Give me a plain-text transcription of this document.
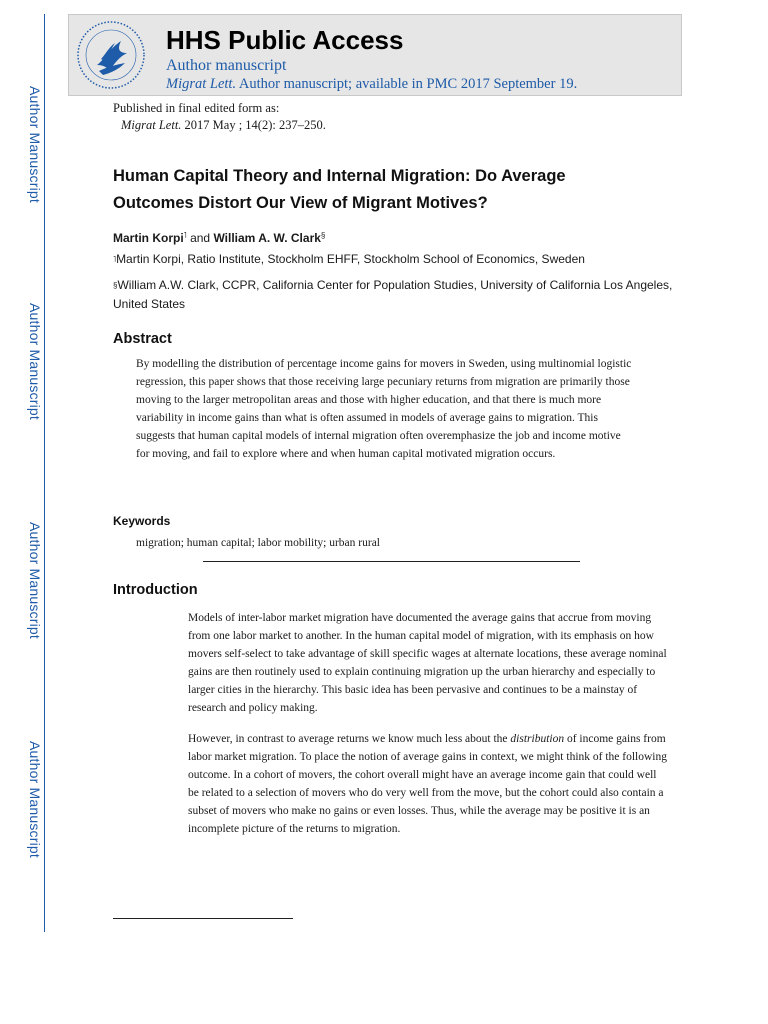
Author Manuscript
Author Manuscript
Author Manuscript
Author Manuscript
HHS Public Access
Author manuscript
Migrat Lett. Author manuscript; available in PMC 2017 September 19.
Published in final edited form as:
Migrat Lett. 2017 May ; 14(2): 237–250.
Human Capital Theory and Internal Migration: Do Average Outcomes Distort Our View of Migrant Motives?
Martin Korpi˥ and William A. W. Clark§
˥Martin Korpi, Ratio Institute, Stockholm EHFF, Stockholm School of Economics, Sweden
§William A.W. Clark, CCPR, California Center for Population Studies, University of California Los Angeles, United States
Abstract

By modelling the distribution of percentage income gains for movers in Sweden, using multinomial logistic regression, this paper shows that those receiving large pecuniary returns from migration are primarily those moving to the larger metropolitan areas and those with higher education, and that there is much more variability in income gains than what is often assumed in models of average gains to migration. This suggests that human capital models of internal migration often overemphasize the job and income motive for moving, and fail to explore where and when human capital motivated migration occurs.

Keywords
migration; human capital; labor mobility; urban rural
Introduction

Models of inter-labor market migration have documented the average gains that accrue from moving from one labor market to another. In the human capital model of migration, with its emphasis on how movers self-select to take advantage of skill specific wages at alternate locations, these average nominal gains are then routinely used to explain continuing migration up the urban hierarchy and especially to larger cities in the hierarchy. This basic idea has been pervasive and continues to be a mainstay of research and policy making.

However, in contrast to average returns we know much less about the distribution of income gains from labor market migration. To place the notion of average gains in context, we might think of the following outcome. In a cohort of movers, the cohort overall might have an average income gain that could well be related to a selection of movers who do very well from the move, but the cohort could also contain a subset of movers who make no gains or even losses. Thus, while the average may be positive it is an incomplete picture of the returns to migration.
